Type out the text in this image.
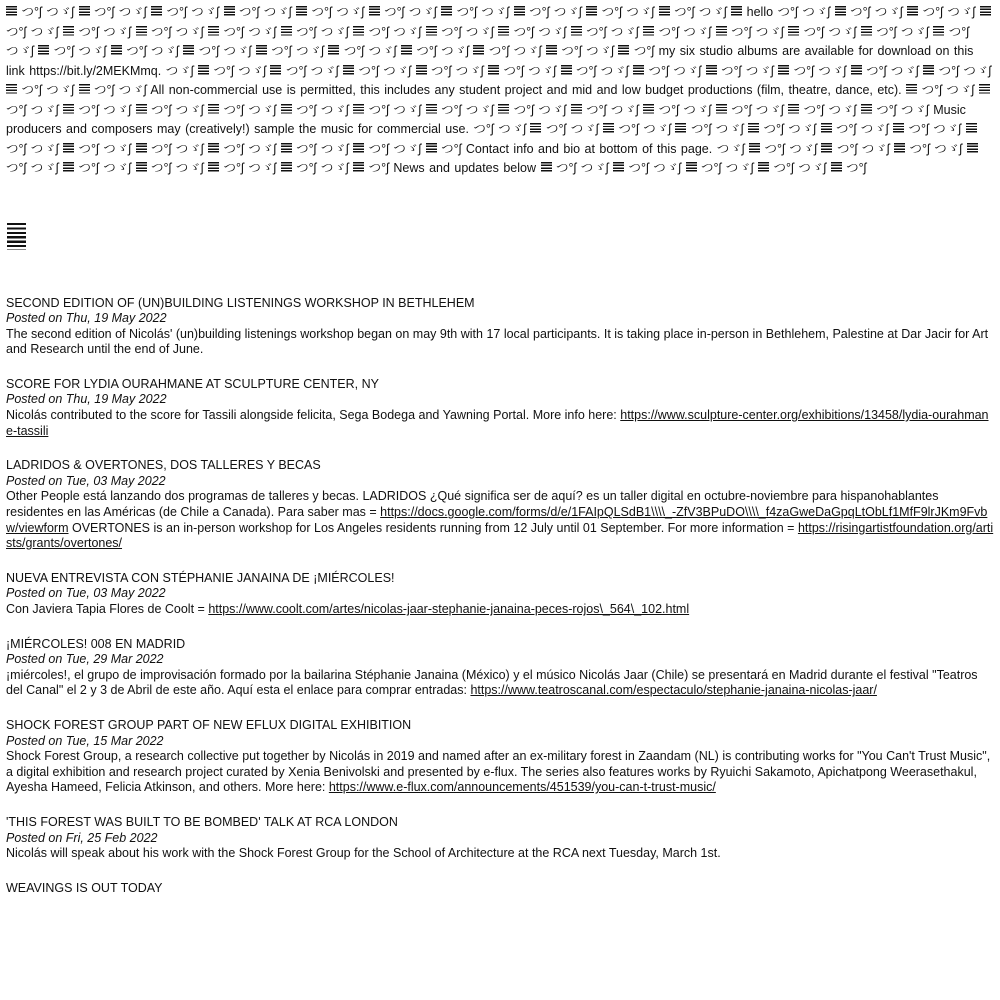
つ°ʃ つゞʃ つ°ʃ つゞʃ つ°ʃ つゞʃ つ°ʃ つゞʃ つ°ʃ つゞʃ つ°ʃ つゞʃ つ°ʃ つゞʃ つ°ʃ つゞʃ つ°ʃ つゞʃ つ°ʃ つゞʃ hello つ°ʃ つゞʃ つ°ʃ つゞʃ つ°ʃ つゞʃ  つ°ʃ つゞʃ つ°ʃ つゞʃ つ°ʃ つゞʃ つ°ʃ つゞʃ つ°ʃ つゞʃ つ°ʃ つゞʃ つ°ʃ つゞʃ つ°ʃ つゞʃ つ°ʃ つゞʃ つ°ʃ つゞʃ つ°ʃ つゞʃ つ°ʃ つゞʃ つ°ʃ つゞʃ つ°ʃ つゞʃ つ°ʃ つゞʃ つ°ʃ つゞʃ つ°ʃ つゞʃ つ°ʃ つゞʃ つ°ʃ つゞʃ つ°ʃ つゞʃ つ°ʃ つゞʃ つ°ʃ つゞʃ つ°ʃ my six studio albums are available for download on this link https://bit.ly/2MEKMmq. つゞʃ つ°ʃ つゞʃ つ°ʃ つゞʃ つ°ʃ つゞʃ つ°ʃ つゞʃ つ°ʃ つゞʃ つ°ʃ つゞʃ つ°ʃ つゞʃ つ°ʃ つゞʃ つ°ʃ つゞʃ つ°ʃ つゞʃ つ°ʃ つゞʃ  つ°ʃ つゞʃ つ°ʃ つゞʃ All non-commercial use is permitted, this includes any student project and mid and low budget productions (film, theatre, dance, etc). つ°ʃ つゞʃ  つ°ʃ つゞʃ つ°ʃ つゞʃ つ°ʃ つゞʃ つ°ʃ つゞʃ つ°ʃ つゞʃ つ°ʃ つゞʃ つ°ʃ つゞʃ つ°ʃ つゞʃ つ°ʃ つゞʃ つ°ʃ つゞʃ つ°ʃ つゞʃ つ°ʃ つゞʃ つ°ʃ つゞʃ Music producers and composers may (creatively!) sample the music for commercial use. つ°ʃ つゞʃ つ°ʃ つゞʃ つ°ʃ つゞʃ つ°ʃ つゞʃ つ°ʃ つゞʃ つ°ʃ つゞʃ つ°ʃ つゞʃ  つ°ʃ つゞʃ つ°ʃ つゞʃ つ°ʃ つゞʃ つ°ʃ つゞʃ つ°ʃ つゞʃ つ°ʃ つゞʃ つ°ʃ Contact info and bio at bottom of this page. つゞʃ つ°ʃ つゞʃ つ°ʃ つゞʃ つ°ʃ つゞʃ  つ°ʃ つゞʃ つ°ʃ つゞʃ つ°ʃ つゞʃ つ°ʃ つゞʃ つ°ʃ つゞʃ つ°ʃ News and updates below つ°ʃ つゞʃ つ°ʃ つゞʃ つ°ʃ つゞʃ つ°ʃ つゞʃ つ°ʃ
SECOND EDITION OF (UN)BUILDING LISTENINGS WORKSHOP IN BETHLEHEM
Posted on Thu, 19 May 2022
The second edition of Nicolás' (un)building listenings workshop began on may 9th with 17 local participants. It is taking place in-person in Bethlehem, Palestine at Dar Jacir for Art and Research until the end of June.
SCORE FOR LYDIA OURAHMANE AT SCULPTURE CENTER, NY
Posted on Thu, 19 May 2022
Nicolás contributed to the score for Tassili alongside felicita, Sega Bodega and Yawning Portal. More info here: https://www.sculpture-center.org/exhibitions/13458/lydia-ourahmane-tassili
LADRIDOS & OVERTONES, DOS TALLERES Y BECAS
Posted on Tue, 03 May 2022
Other People está lanzando dos programas de talleres y becas. LADRIDOS ¿Qué significa ser de aquí? es un taller digital en octubre-noviembre para hispanohablantes residentes en las Américas (de Chile a Canada). Para saber mas = https://docs.google.com/forms/d/e/1FAIpQLSdB1\\\\_-ZfV3BPuDO\\\\_f4zaGweDaGpqLtObLf1MfF9lrJKm9Fvbw/viewform OVERTONES is an in-person workshop for Los Angeles residents running from 12 July until 01 September. For more information = https://risingartistfoundation.org/artists/grants/overtones/
NUEVA ENTREVISTA CON STÉPHANIE JANAINA DE ¡MIÉRCOLES!
Posted on Tue, 03 May 2022
Con Javiera Tapia Flores de Coolt = https://www.coolt.com/artes/nicolas-jaar-stephanie-janaina-peces-rojos\_564\_102.html
¡MIÉRCOLES! 008 EN MADRID
Posted on Tue, 29 Mar 2022
¡miércoles!, el grupo de improvisación formado por la bailarina Stéphanie Janaina (México) y el músico Nicolás Jaar (Chile) se presentará en Madrid durante el festival "Teatros del Canal" el 2 y 3 de Abril de este año. Aquí esta el enlace para comprar entradas: https://www.teatroscanal.com/espectaculo/stephanie-janaina-nicolas-jaar/
SHOCK FOREST GROUP PART OF NEW EFLUX DIGITAL EXHIBITION
Posted on Tue, 15 Mar 2022
Shock Forest Group, a research collective put together by Nicolás in 2019 and named after an ex-military forest in Zaandam (NL) is contributing works for "You Can't Trust Music", a digital exhibition and research project curated by Xenia Benivolski and presented by e-flux. The series also features works by Ryuichi Sakamoto, Apichatpong Weerasethakul, Ayesha Hameed, Felicia Atkinson, and others. More here: https://www.e-flux.com/announcements/451539/you-can-t-trust-music/
'THIS FOREST WAS BUILT TO BE BOMBED' TALK AT RCA LONDON
Posted on Fri, 25 Feb 2022
Nicolás will speak about his work with the Shock Forest Group for the School of Architecture at the RCA next Tuesday, March 1st.
WEAVINGS IS OUT TODAY
